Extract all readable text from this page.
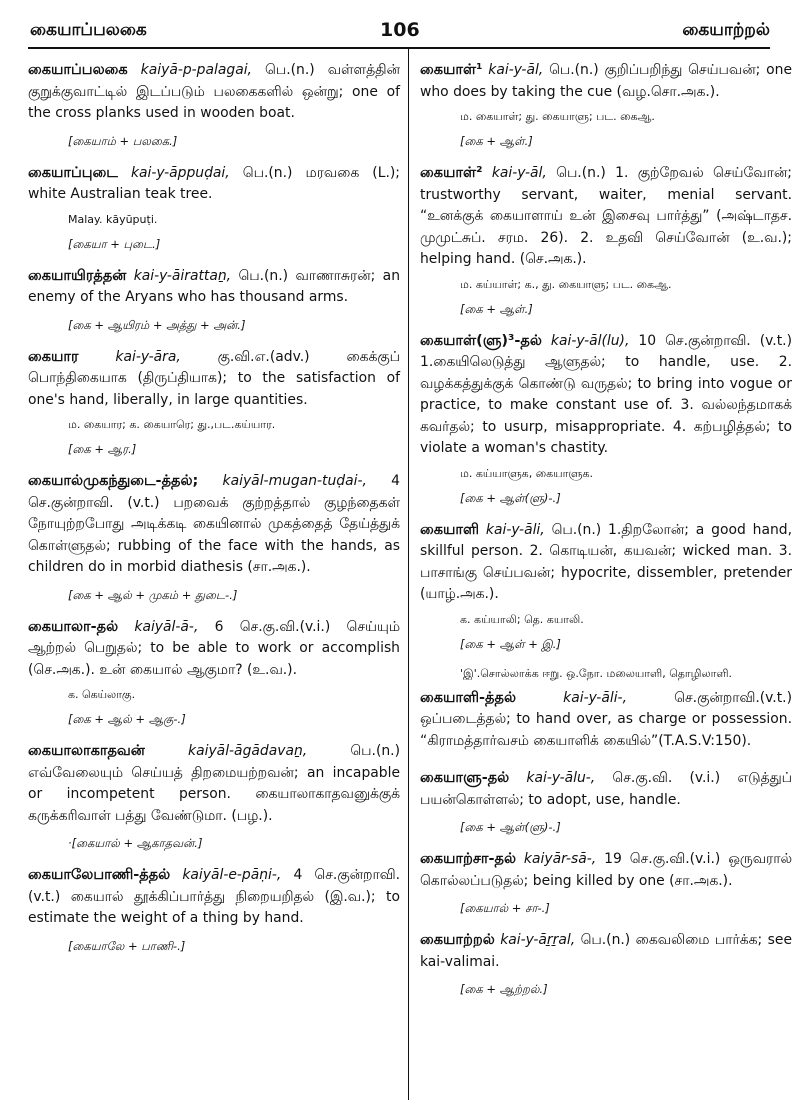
கையாப்பலகை	106	கையாற்றல்
கையாப்பலகை kaiyā-p-palagai, பெ.(n.) வள்ளத்தின் குறுக்குவாட்டில் இடப்படும் பலகைகளில் ஒன்று; one of the cross planks used in wooden boat.
[கையாம் + பலகை.]
கையாப்புடை kai-y-āppuḍai, பெ.(n.) மரவகை (L.); white Australian teak tree.
Malay. kāyūpuṭi.
[கையா + புடை.]
கையாயிரத்தன் kai-y-āirattaṉ, பெ.(n.) வாணாசுரன்; an enemy of the Aryans who has thousand arms.
[கை + ஆயிரம் + அத்து + அன்.]
கையார kai-y-āra, கு.வி.எ.(adv.) கைக்குப் பொந்திகையாக (திருப்தியாக); to the satisfaction of one's hand, liberally, in large quantities.
ம. கையார; க. கையாரெ; து.,பட.கய்யார.
[கை + ஆர.]
கையால்முகந்துடை-த்தல்; kaiyāl-mugan-tuḍai-, 4 செ.குன்றாவி. (v.t.) பறவைக் குற்றத்தால் குழந்தைகள் நோயுற்றபோது அடிக்கடி கையினால் முகத்தைத் தேய்த்துக் கொள்ளுதல்; rubbing of the face with the hands, as children do in morbid diathesis (சா.அக.).
[கை + ஆல் + முகம் + துடை-.]
கையாலா-தல் kaiyāl-ā-, 6 செ.கு.வி.(v.i.) செய்யும் ஆற்றல் பெறுதல்; to be able to work or accomplish (செ.அக.). உன் கையால் ஆகுமா? (உ.வ.).
க. கெய்லாகு.
[கை + ஆல் + ஆகு-.]
கையாலாகாதவன் kaiyāl-āgādavaṉ, பெ.(n.) எவ்வேலையும் செய்யத் திறமையற்றவன்; an incapable or incompetent person. கையாலாகாதவனுக்குக் கருக்கரிவாள் பத்து வேண்டுமா. (பழ.).
·[கையால் + ஆகாதவன்.]
கையாலேபாணி-த்தல் kaiyāl-e-pāṇi-, 4 செ.குன்றாவி.(v.t.) கையால் தூக்கிப்பார்த்து நிறையறிதல் (இ.வ.); to estimate the weight of a thing by hand.
[கையாலே + பாணி-.]
கையாள்¹ kai-y-āl, பெ.(n.) குறிப்பறிந்து செய்பவன்; one who does by taking the cue (வழ.சொ.அக.).
ம. கையாள்; து. கையாளு; பட. கைஆ.
[கை + ஆள்.]
கையாள்² kai-y-āl, பெ.(n.) 1. குற்றேவல் செய்வோன்; trustworthy servant, waiter, menial servant. “உனக்குக் கையாளாய் உன் இசைவு பார்த்து” (அஷ்டாதச. முமுட்சுப். சரம. 26). 2. உதவி செய்வோன் (உ.வ.); helping hand. (செ.அக.).
ம. கய்யாள்; க., து. கையாளு; பட. கைஆ.
[கை + ஆள்.]
கையாள்(ளு)³-தல் kai-y-āl(lu), 10 செ.குன்றாவி. (v.t.) 1.கையிலெடுத்து ஆளுதல்; to handle, use. 2. வழக்கத்துக்குக் கொண்டு வருதல்; to bring into vogue or practice, to make constant use of. 3. வல்லந்தமாகக் கவர்தல்; to usurp, misappropriate. 4. கற்பழித்தல்; to violate a woman's chastity.
ம. கய்யாளுக, கையாளுக.
[கை + ஆள்(ளு)-.]
கையாளி kai-y-āli, பெ.(n.) 1.திறலோன்; a good hand, skillful person. 2. கொடியன், கயவன்; wicked man. 3. பாசாங்கு செய்பவன்; hypocrite, dissembler, pretender (யாழ்.அக.).
க. கய்யாலி; தெ. கயாலி.
[கை + ஆள் + இ.]
'இ'.சொல்லாக்க ஈறு. ஒ.நோ. மலையாளி, தொழிலாளி.
கையாளி-த்தல் kai-y-āli-, செ.குன்றாவி.(v.t.) ஒப்படைத்தல்; to hand over, as charge or possession. “கிராமத்தார்வசம் கையாளிக் கையில்”(T.A.S.V:150).
கையாளு-தல் kai-y-ālu-, செ.கு.வி. (v.i.) எடுத்துப் பயன்கொள்ளல்; to adopt, use, handle.
[கை + ஆள்(ளு)-.]
கையாற்சா-தல் kaiyār-sā-, 19 செ.கு.வி.(v.i.) ஒருவரால் கொல்லப்படுதல்; being killed by one (சா.அக.).
[கையால் + சா-.]
கையாற்றல் kai-y-āṟṟal, பெ.(n.) கைவலிமை பார்க்க; see kai-valimai.
[கை + ஆற்றல்.]
